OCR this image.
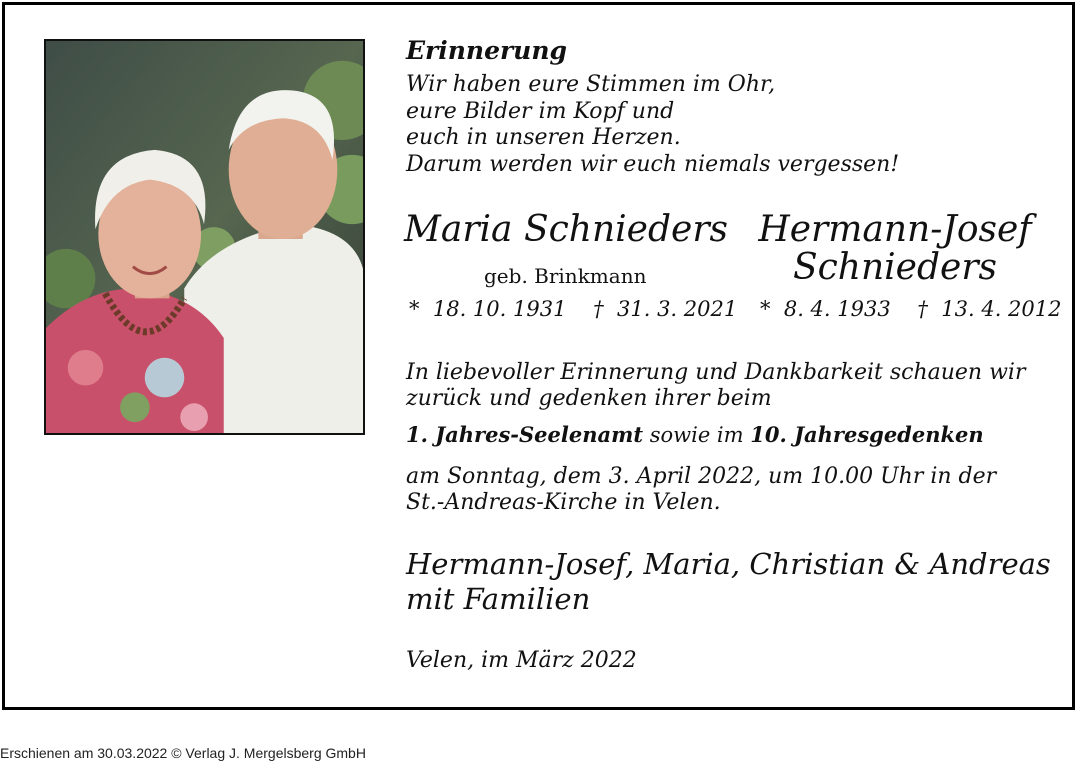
Erinnerung
Wir haben eure Stimmen im Ohr,
eure Bilder im Kopf und
euch in unseren Herzen.
Darum werden wir euch niemals vergessen!
Maria Schnieders Hermann-Josef
Schnieders
geb. Brinkmann
*  18. 10. 1931    †  31. 3. 2021 *  8. 4. 1933    †  13. 4. 2012
In liebevoller Erinnerung und Dankbarkeit schauen wir
zurück und gedenken ihrer beim
1. Jahres-Seelenamt sowie im 10. Jahresgedenken
am Sonntag, dem 3. April 2022, um 10.00 Uhr in der
St.-Andreas-Kirche in Velen.
Hermann-Josef, Maria, Christian & Andreas
mit Familien
Velen, im März 2022
Erschienen am 30.03.2022 © Verlag J. Mergelsberg GmbH
